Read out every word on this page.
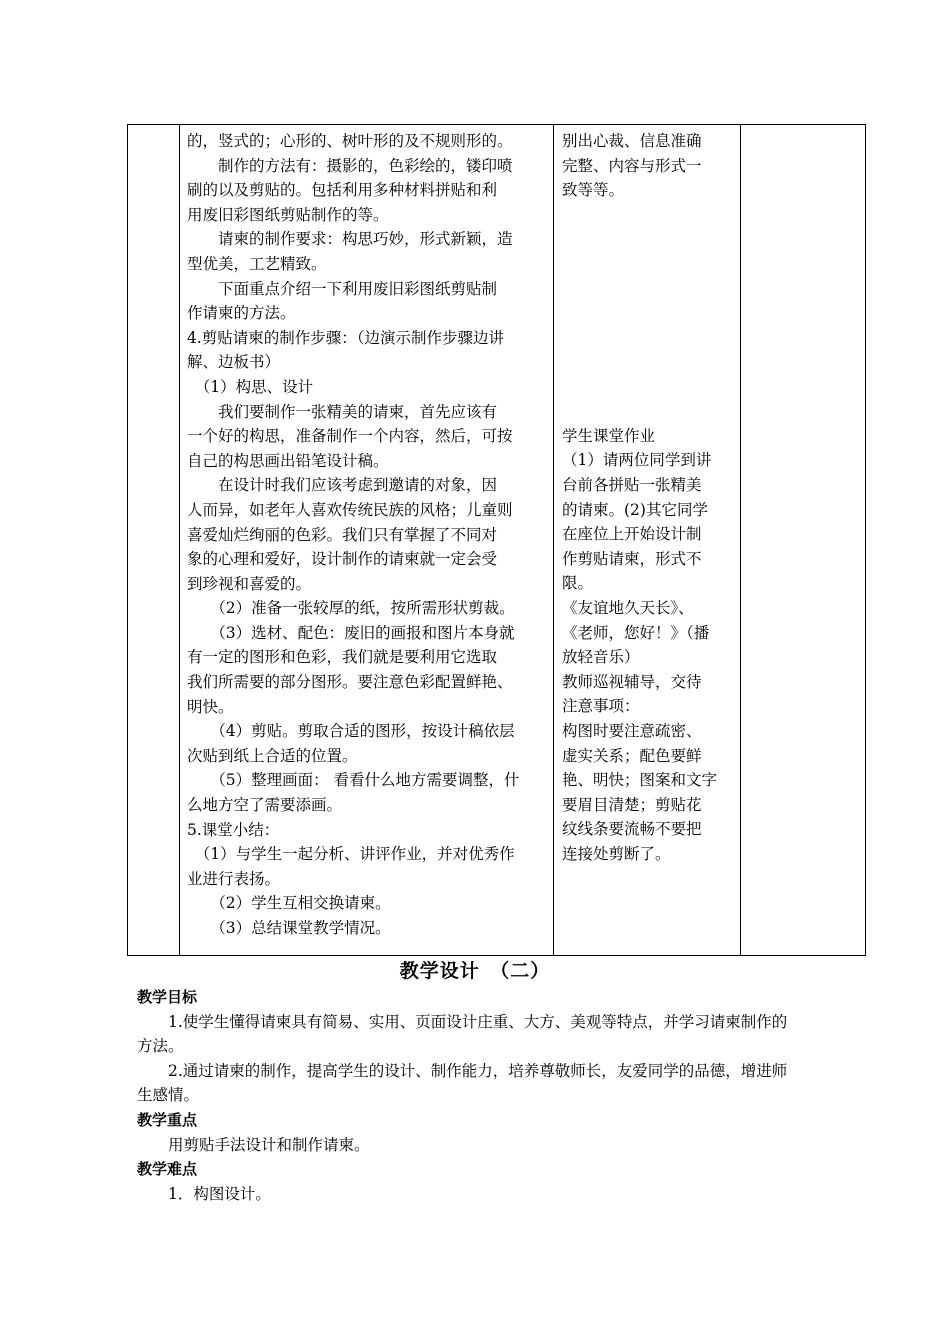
的，竖式的；心形的、树叶形的及不规则形的。
　　制作的方法有：摄影的，色彩绘的，镂印喷
刷的以及剪贴的。包括利用多种材料拼贴和利
用废旧彩图纸剪贴制作的等。
　　请柬的制作要求：构思巧妙，形式新颖，造
型优美，工艺精致。
　　下面重点介绍一下利用废旧彩图纸剪贴制
作请柬的方法。
4.剪贴请柬的制作步骤：（边演示制作步骤边讲
解、边板书）
　（1）构思、设计
　　我们要制作一张精美的请柬，首先应该有
一个好的构思，准备制作一个内容，然后，可按
自己的构思画出铅笔设计稿。
　　在设计时我们应该考虑到邀请的对象，因
人而异，如老年人喜欢传统民族的风格；儿童则
喜爱灿烂绚丽的色彩。我们只有掌握了不同对
象的心理和爱好，设计制作的请柬就一定会受
到珍视和喜爱的。
　　（2）准备一张较厚的纸，按所需形状剪裁。
　　（3）选材、配色：废旧的画报和图片本身就
有一定的图形和色彩，我们就是要利用它选取
我们所需要的部分图形。要注意色彩配置鲜艳、
明快。
　　（4）剪贴。剪取合适的图形，按设计稿依层
次贴到纸上合适的位置。
　　（5）整理画面： 看看什么地方需要调整，什
么地方空了需要添画。
5.课堂小结：
　（1）与学生一起分析、讲评作业，并对优秀作
业进行表扬。
　　（2）学生互相交换请柬。
　　（3）总结课堂教学情况。

别出心裁、信息准确
完整、内容与形式一
致等等。
学生课堂作业
（1）请两位同学到讲
台前各拼贴一张精美
的请柬。(2)其它同学
在座位上开始设计制
作剪贴请柬，形式不
限。
《友谊地久天长》、
《老师，您好！》（播
放轻音乐）
教师巡视辅导，交待
注意事项：
构图时要注意疏密、
虚实关系；配色要鲜
艳、明快；图案和文字
要眉目清楚；剪贴花
纹线条要流畅不要把
连接处剪断了。

教学设计　（二）
教学目标
　　1.使学生懂得请柬具有简易、实用、页面设计庄重、大方、美观等特点，并学习请柬制作的
方法。
　　2.通过请柬的制作，提高学生的设计、制作能力，培养尊敬师长，友爱同学的品德，增进师
生感情。
教学重点
　　用剪贴手法设计和制作请柬。
教学难点
　　1．构图设计。
